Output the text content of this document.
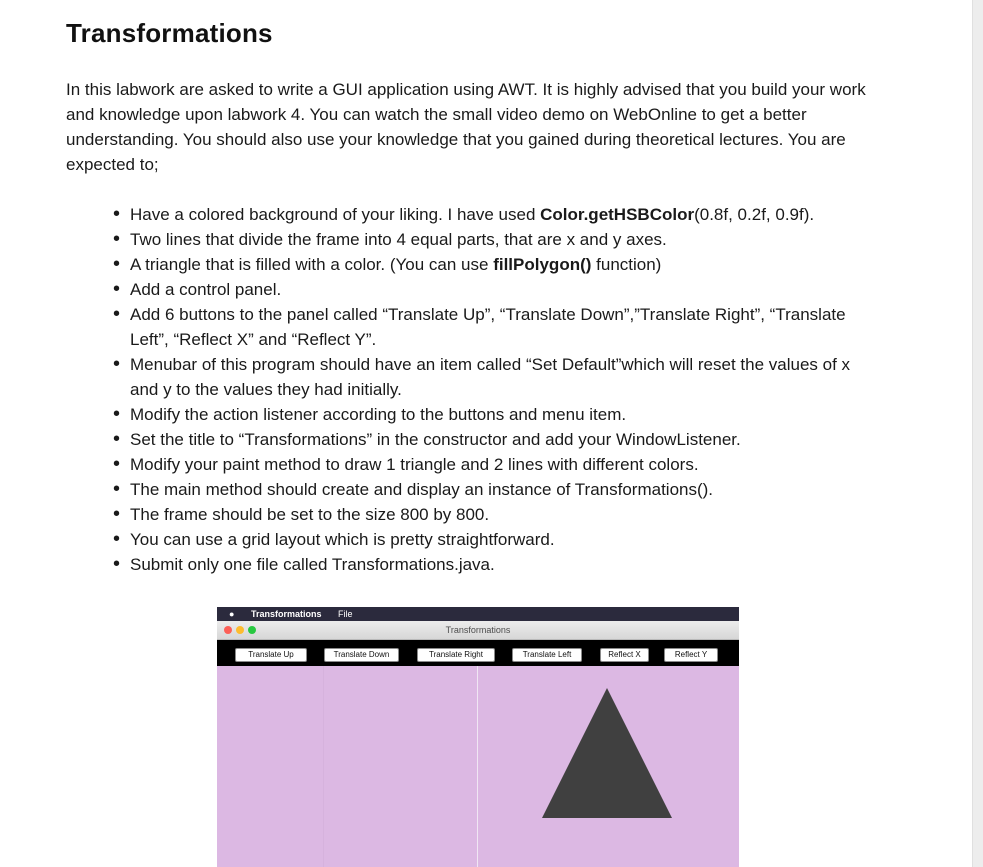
Transformations

In this labwork are asked to write a GUI application using AWT. It is highly advised that you build your work and knowledge upon labwork 4. You can watch the small video demo on WebOnline to get a better understanding. You should also use your knowledge that you gained during theoretical lectures. You are expected to;

• Have a colored background of your liking. I have used Color.getHSBColor(0.8f, 0.2f, 0.9f).
• Two lines that divide the frame into 4 equal parts, that are x and y axes.
• A triangle that is filled with a color. (You can use fillPolygon() function)
• Add a control panel.
• Add 6 buttons to the panel called “Translate Up”, “Translate Down”,”Translate Right”, “Translate Left”, “Reflect X” and “Reflect Y”.
• Menubar of this program should have an item called “Set Default”which will reset the values of x and y to the values they had initially.
• Modify the action listener according to the buttons and menu item.
• Set the title to “Transformations” in the constructor and add your WindowListener.
• Modify your paint method to draw 1 triangle and 2 lines with different colors.
• The main method should create and display an instance of Transformations().
• The frame should be set to the size 800 by 800.
• You can use a grid layout which is pretty straightforward.
• Submit only one file called Transformations.java.
● Transformations File
Transformations
Translate Up	Translate Down	Translate Right	Translate Left	Reflect X	Reflect Y
